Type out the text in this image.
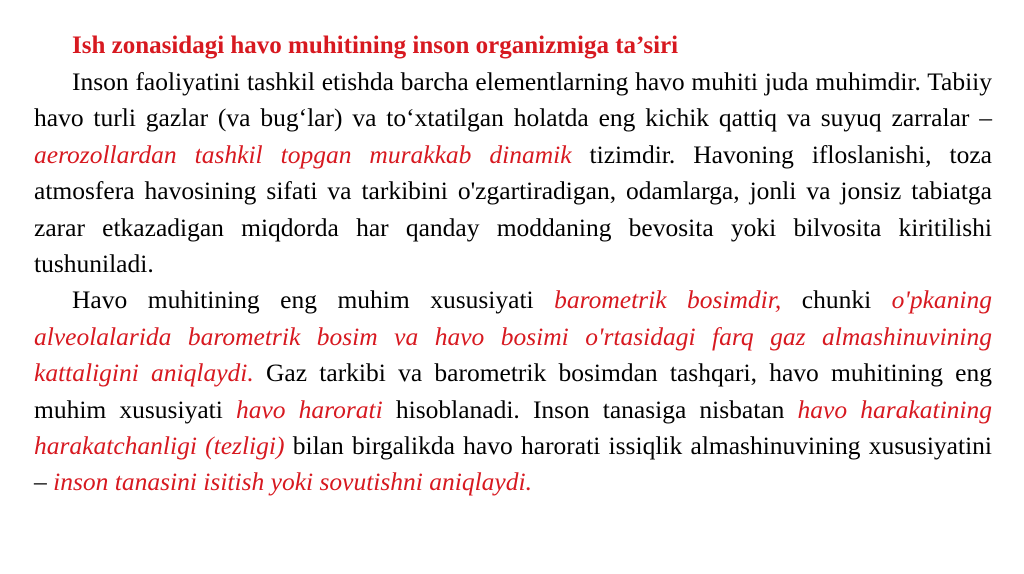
Ish zonasidagi havo muhitining inson organizmiga ta’siri

Inson faoliyatini tashkil etishda barcha elementlarning havo muhiti juda muhimdir. Tabiiy havo turli gazlar (va bug‘lar) va to‘xtatilgan holatda eng kichik qattiq va suyuq zarralar – aerozollardan tashkil topgan murakkab dinamik tizimdir. Havoning ifloslanishi, toza atmosfera havosining sifati va tarkibini o'zgartiradigan, odamlarga, jonli va jonsiz tabiatga zarar etkazadigan miqdorda har qanday moddaning bevosita yoki bilvosita kiritilishi tushuniladi.

Havo muhitining eng muhim xususiyati barometrik bosimdir, chunki o'pkaning alveolalarida barometrik bosim va havo bosimi o'rtasidagi farq gaz almashinuvining kattaligini aniqlaydi. Gaz tarkibi va barometrik bosimdan tashqari, havo muhitining eng muhim xususiyati havo harorati hisoblanadi. Inson tanasiga nisbatan havo harakatining harakatchanligi (tezligi) bilan birgalikda havo harorati issiqlik almashinuvining xususiyatini – inson tanasini isitish yoki sovutishni aniqlaydi.
